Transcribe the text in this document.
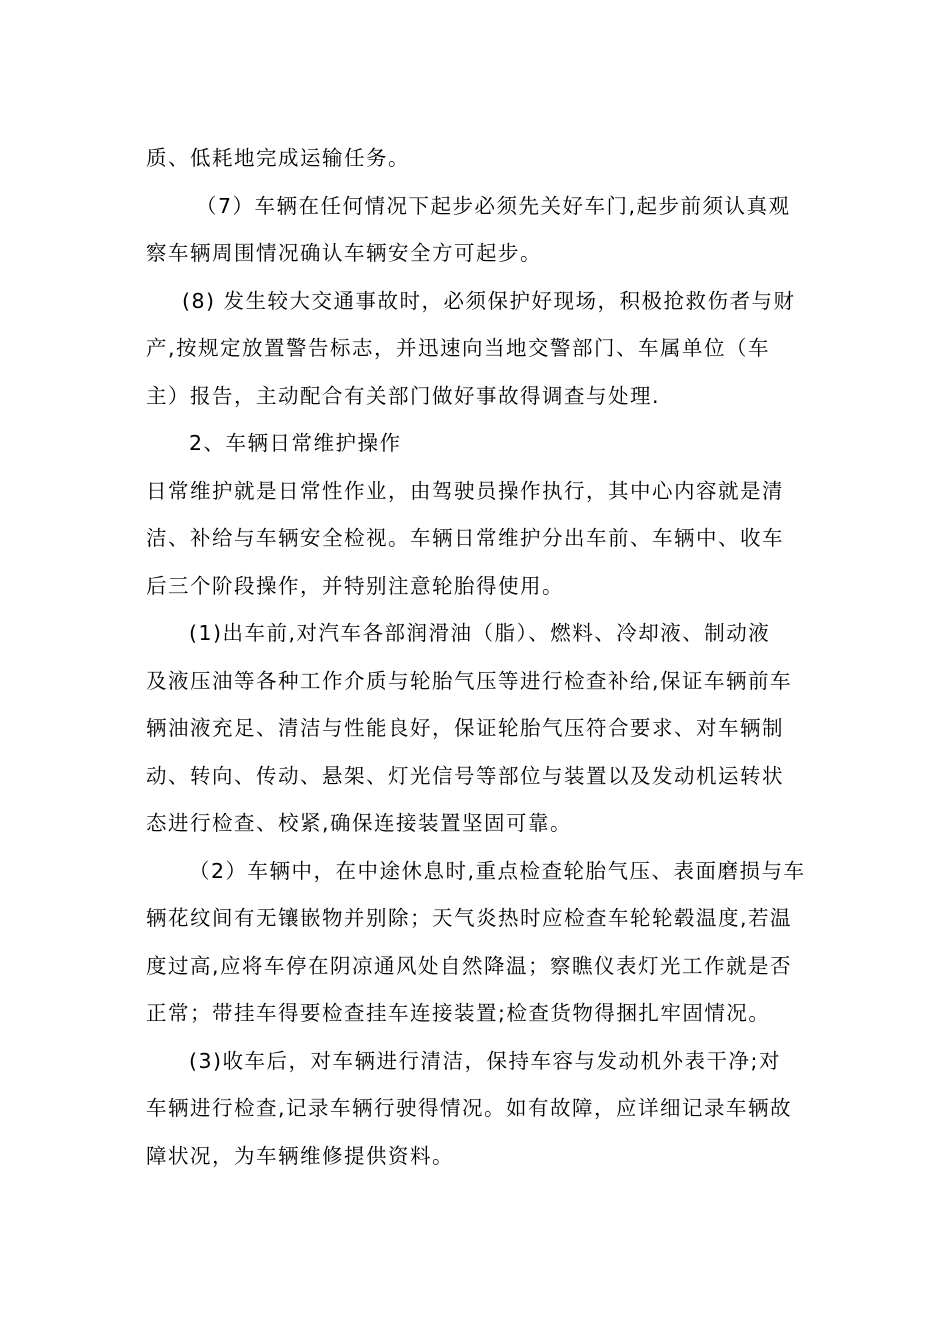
质、低耗地完成运输任务。
（7）车辆在任何情况下起步必须先关好车门,起步前须认真观
察车辆周围情况确认车辆安全方可起步。
(8) 发生较大交通事故时，必须保护好现场，积极抢救伤者与财
产,按规定放置警告标志，并迅速向当地交警部门、车属单位（车
主）报告，主动配合有关部门做好事故得调查与处理.
2、车辆日常维护操作
日常维护就是日常性作业，由驾驶员操作执行，其中心内容就是清
洁、补给与车辆安全检视。车辆日常维护分出车前、车辆中、收车
后三个阶段操作，并特别注意轮胎得使用。
(1)出车前,对汽车各部润滑油（脂）、燃料、冷却液、制动液
及液压油等各种工作介质与轮胎气压等进行检查补给,保证车辆前车
辆油液充足、清洁与性能良好，保证轮胎气压符合要求、对车辆制
动、转向、传动、悬架、灯光信号等部位与装置以及发动机运转状
态进行检查、校紧,确保连接装置坚固可靠。
（2）车辆中，在中途休息时,重点检查轮胎气压、表面磨损与车
辆花纹间有无镶嵌物并别除；天气炎热时应检查车轮轮毂温度,若温
度过高,应将车停在阴凉通风处自然降温；察瞧仪表灯光工作就是否
正常；带挂车得要检查挂车连接装置;检查货物得捆扎牢固情况。
(3)收车后，对车辆进行清洁，保持车容与发动机外表干净;对
车辆进行检查,记录车辆行驶得情况。如有故障，应详细记录车辆故
障状况，为车辆维修提供资料。
